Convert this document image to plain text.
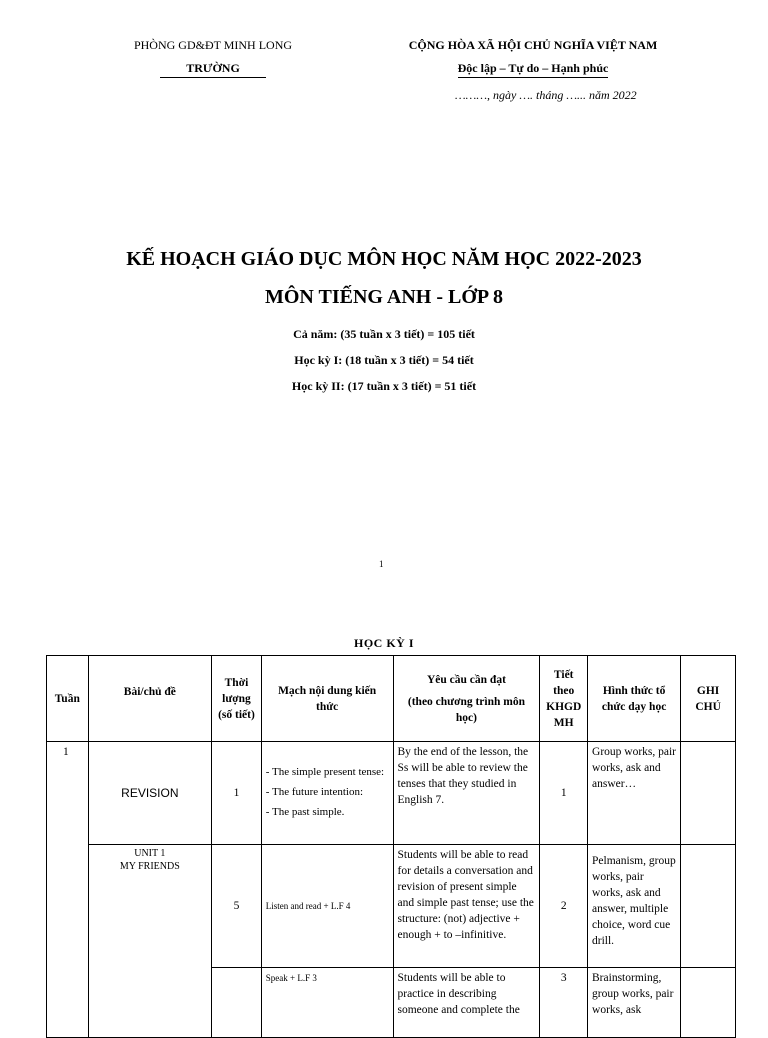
PHÒNG GD&ĐT MINH LONG
TRƯỜNG
CỘNG HÒA XÃ HỘI CHỦ NGHĨA VIỆT NAM
Độc lập – Tự do – Hạnh phúc
………, ngày …. tháng …... năm 2022
KẾ HOẠCH GIÁO DỤC MÔN HỌC NĂM HỌC 2022-2023
MÔN TIẾNG ANH - LỚP 8
Cả năm: (35 tuần x 3 tiết) = 105 tiết
Học kỳ I: (18 tuần x 3 tiết) = 54 tiết
Học kỳ II: (17 tuần x 3 tiết) = 51 tiết
1
HỌC KỲ I
Tuần	Bài/chủ đề	Thời lượng (số tiết)	Mạch nội dung kiến thức	Yêu cầu cần đạt
(theo chương trình môn học)	Tiết theo KHGD MH	Hình thức tổ chức dạy học	GHI CHÚ
1	REVISION	1	- The simple present tense:
- The future intention:
- The past simple.	By the end of the lesson, the Ss will be able to review the tenses that they studied in English 7.	1	Group works, pair works, ask and answer…	
	UNIT 1
MY FRIENDS	5	Listen and read + L.F 4	Students will be able to read for details a conversation and revision of present simple and simple past tense; use the structure: (not) adjective + enough + to –infinitive.	2	Pelmanism, group works, pair works, ask and answer, multiple choice, word cue drill.	
			Speak + L.F 3	Students will be able to practice in describing someone and complete the	3	Brainstorming, group works, pair works, ask	
